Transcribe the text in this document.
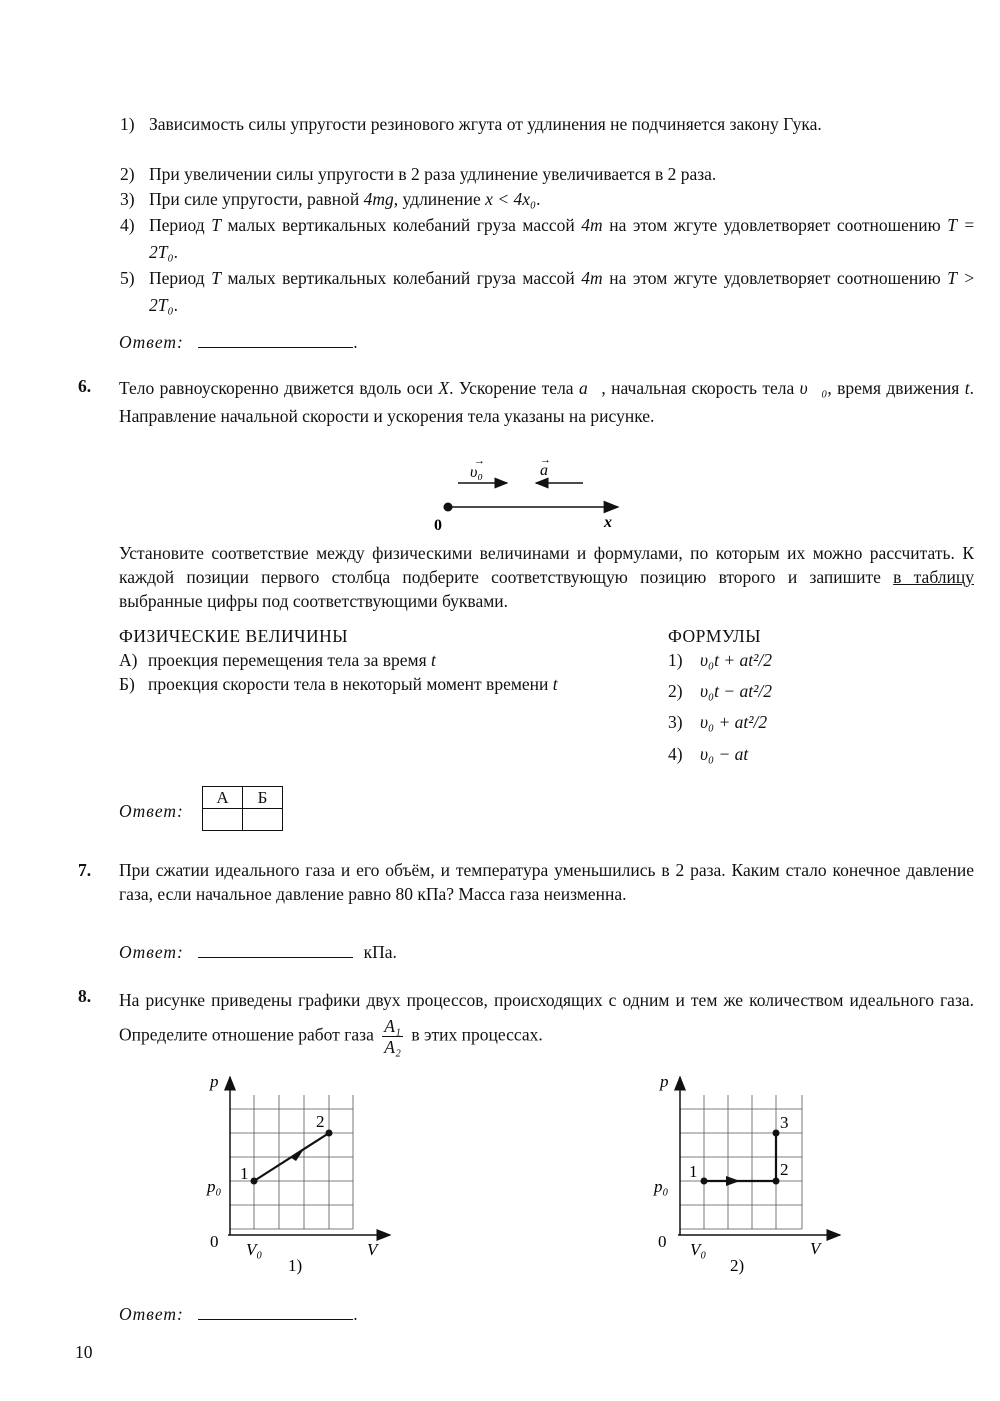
1) Зависимость силы упругости резинового жгута от удлинения не подчиняется закону Гука.
2) При увеличении силы упругости в 2 раза удлинение увеличивается в 2 раза.
3) При силе упругости, равной 4mg, удлинение x < 4x₀.
4) Период T малых вертикальных колебаний груза массой 4m на этом жгуте удовлетворяет соотношению T = 2T₀.
5) Период T малых вертикальных колебаний груза массой 4m на этом жгуте удовлетворяет соотношению T > 2T₀.
Ответ:	.
6. Тело равноускоренно движется вдоль оси X. Ускорение тела a⃗, начальная скорость тела υ⃗₀, время движения t. Направление начальной скорости и ускорения тела указаны на рисунке.
υ₀
→
a
→
0	x
Установите соответствие между физическими величинами и формулами, по которым их можно рассчитать. К каждой позиции первого столбца подберите соответствующую позицию второго и запишите в таблицу выбранные цифры под соответствующими буквами.
ФИЗИЧЕСКИЕ ВЕЛИЧИНЫ	ФОРМУЛЫ
А) проекция перемещения тела за время t
Б) проекция скорости тела в некоторый момент времени t
1) υ₀t + at²/2
2) υ₀t − at²/2
3) υ₀ + at²/2
4) υ₀ − at
Ответ:
А	Б

7. При сжатии идеального газа и его объём, и температура уменьшились в 2 раза. Каким стало конечное давление газа, если начальное давление равно 80 кПа? Масса газа неизменна.
Ответ:	кПа.
8. На рисунке приведены графики двух процессов, происходящих с одним и тем же количеством идеального газа. Определите отношение работ газа $\frac{\text{A₁}}{\text{A₂}}$ в этих процессах.
1
2
p
p₀
0 V₀	V
1)
1	2
3
p
p₀
0 V₀	V
2)
Ответ:	.
10
